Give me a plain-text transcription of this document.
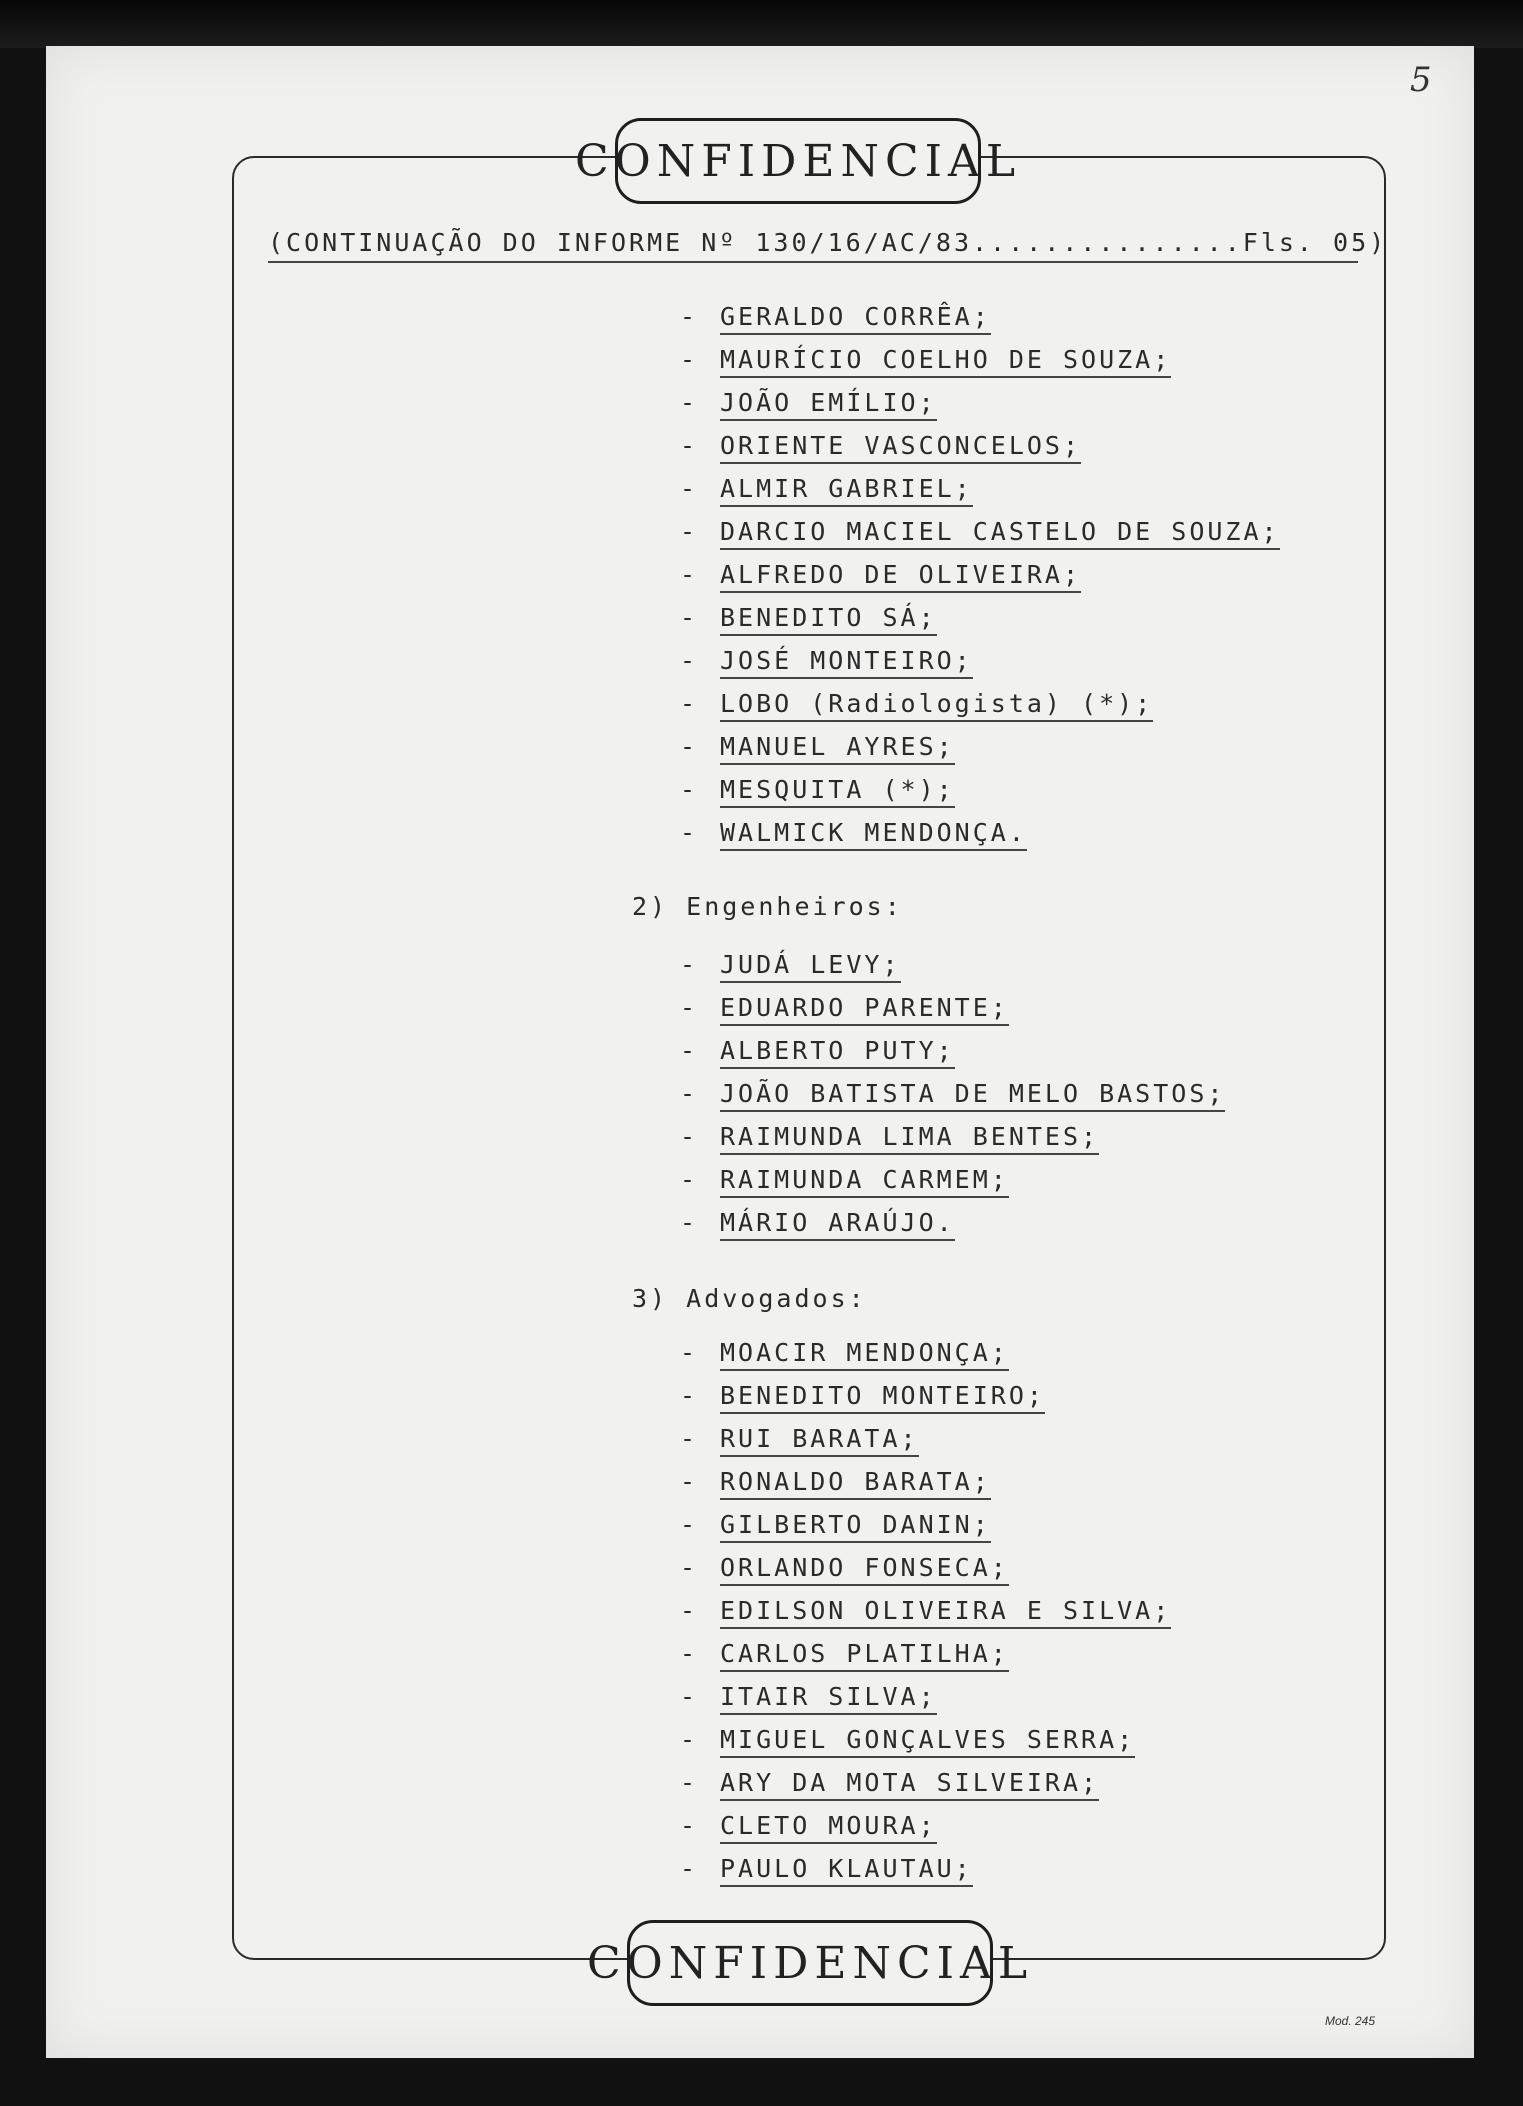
5
CONFIDENCIAL
(CONTINUAÇÃO DO INFORME Nº 130/16/AC/83...............Fls. 05)
- GERALDO CORRÊA;
- MAURÍCIO COELHO DE SOUZA;
- JOÃO EMÍLIO;
- ORIENTE VASCONCELOS;
- ALMIR GABRIEL;
- DARCIO MACIEL CASTELO DE SOUZA;
- ALFREDO DE OLIVEIRA;
- BENEDITO SÁ;
- JOSÉ MONTEIRO;
- LOBO (Radiologista) (*);
- MANUEL AYRES;
- MESQUITA (*);
- WALMICK MENDONÇA.
2) Engenheiros:
- JUDÁ LEVY;
- EDUARDO PARENTE;
- ALBERTO PUTY;
- JOÃO BATISTA DE MELO BASTOS;
- RAIMUNDA LIMA BENTES;
- RAIMUNDA CARMEM;
- MÁRIO ARAÚJO.
3) Advogados:
- MOACIR MENDONÇA;
- BENEDITO MONTEIRO;
- RUI BARATA;
- RONALDO BARATA;
- GILBERTO DANIN;
- ORLANDO FONSECA;
- EDILSON OLIVEIRA E SILVA;
- CARLOS PLATILHA;
- ITAIR SILVA;
- MIGUEL GONÇALVES SERRA;
- ARY DA MOTA SILVEIRA;
- CLETO MOURA;
- PAULO KLAUTAU;
CONFIDENCIAL
Mod. 245
